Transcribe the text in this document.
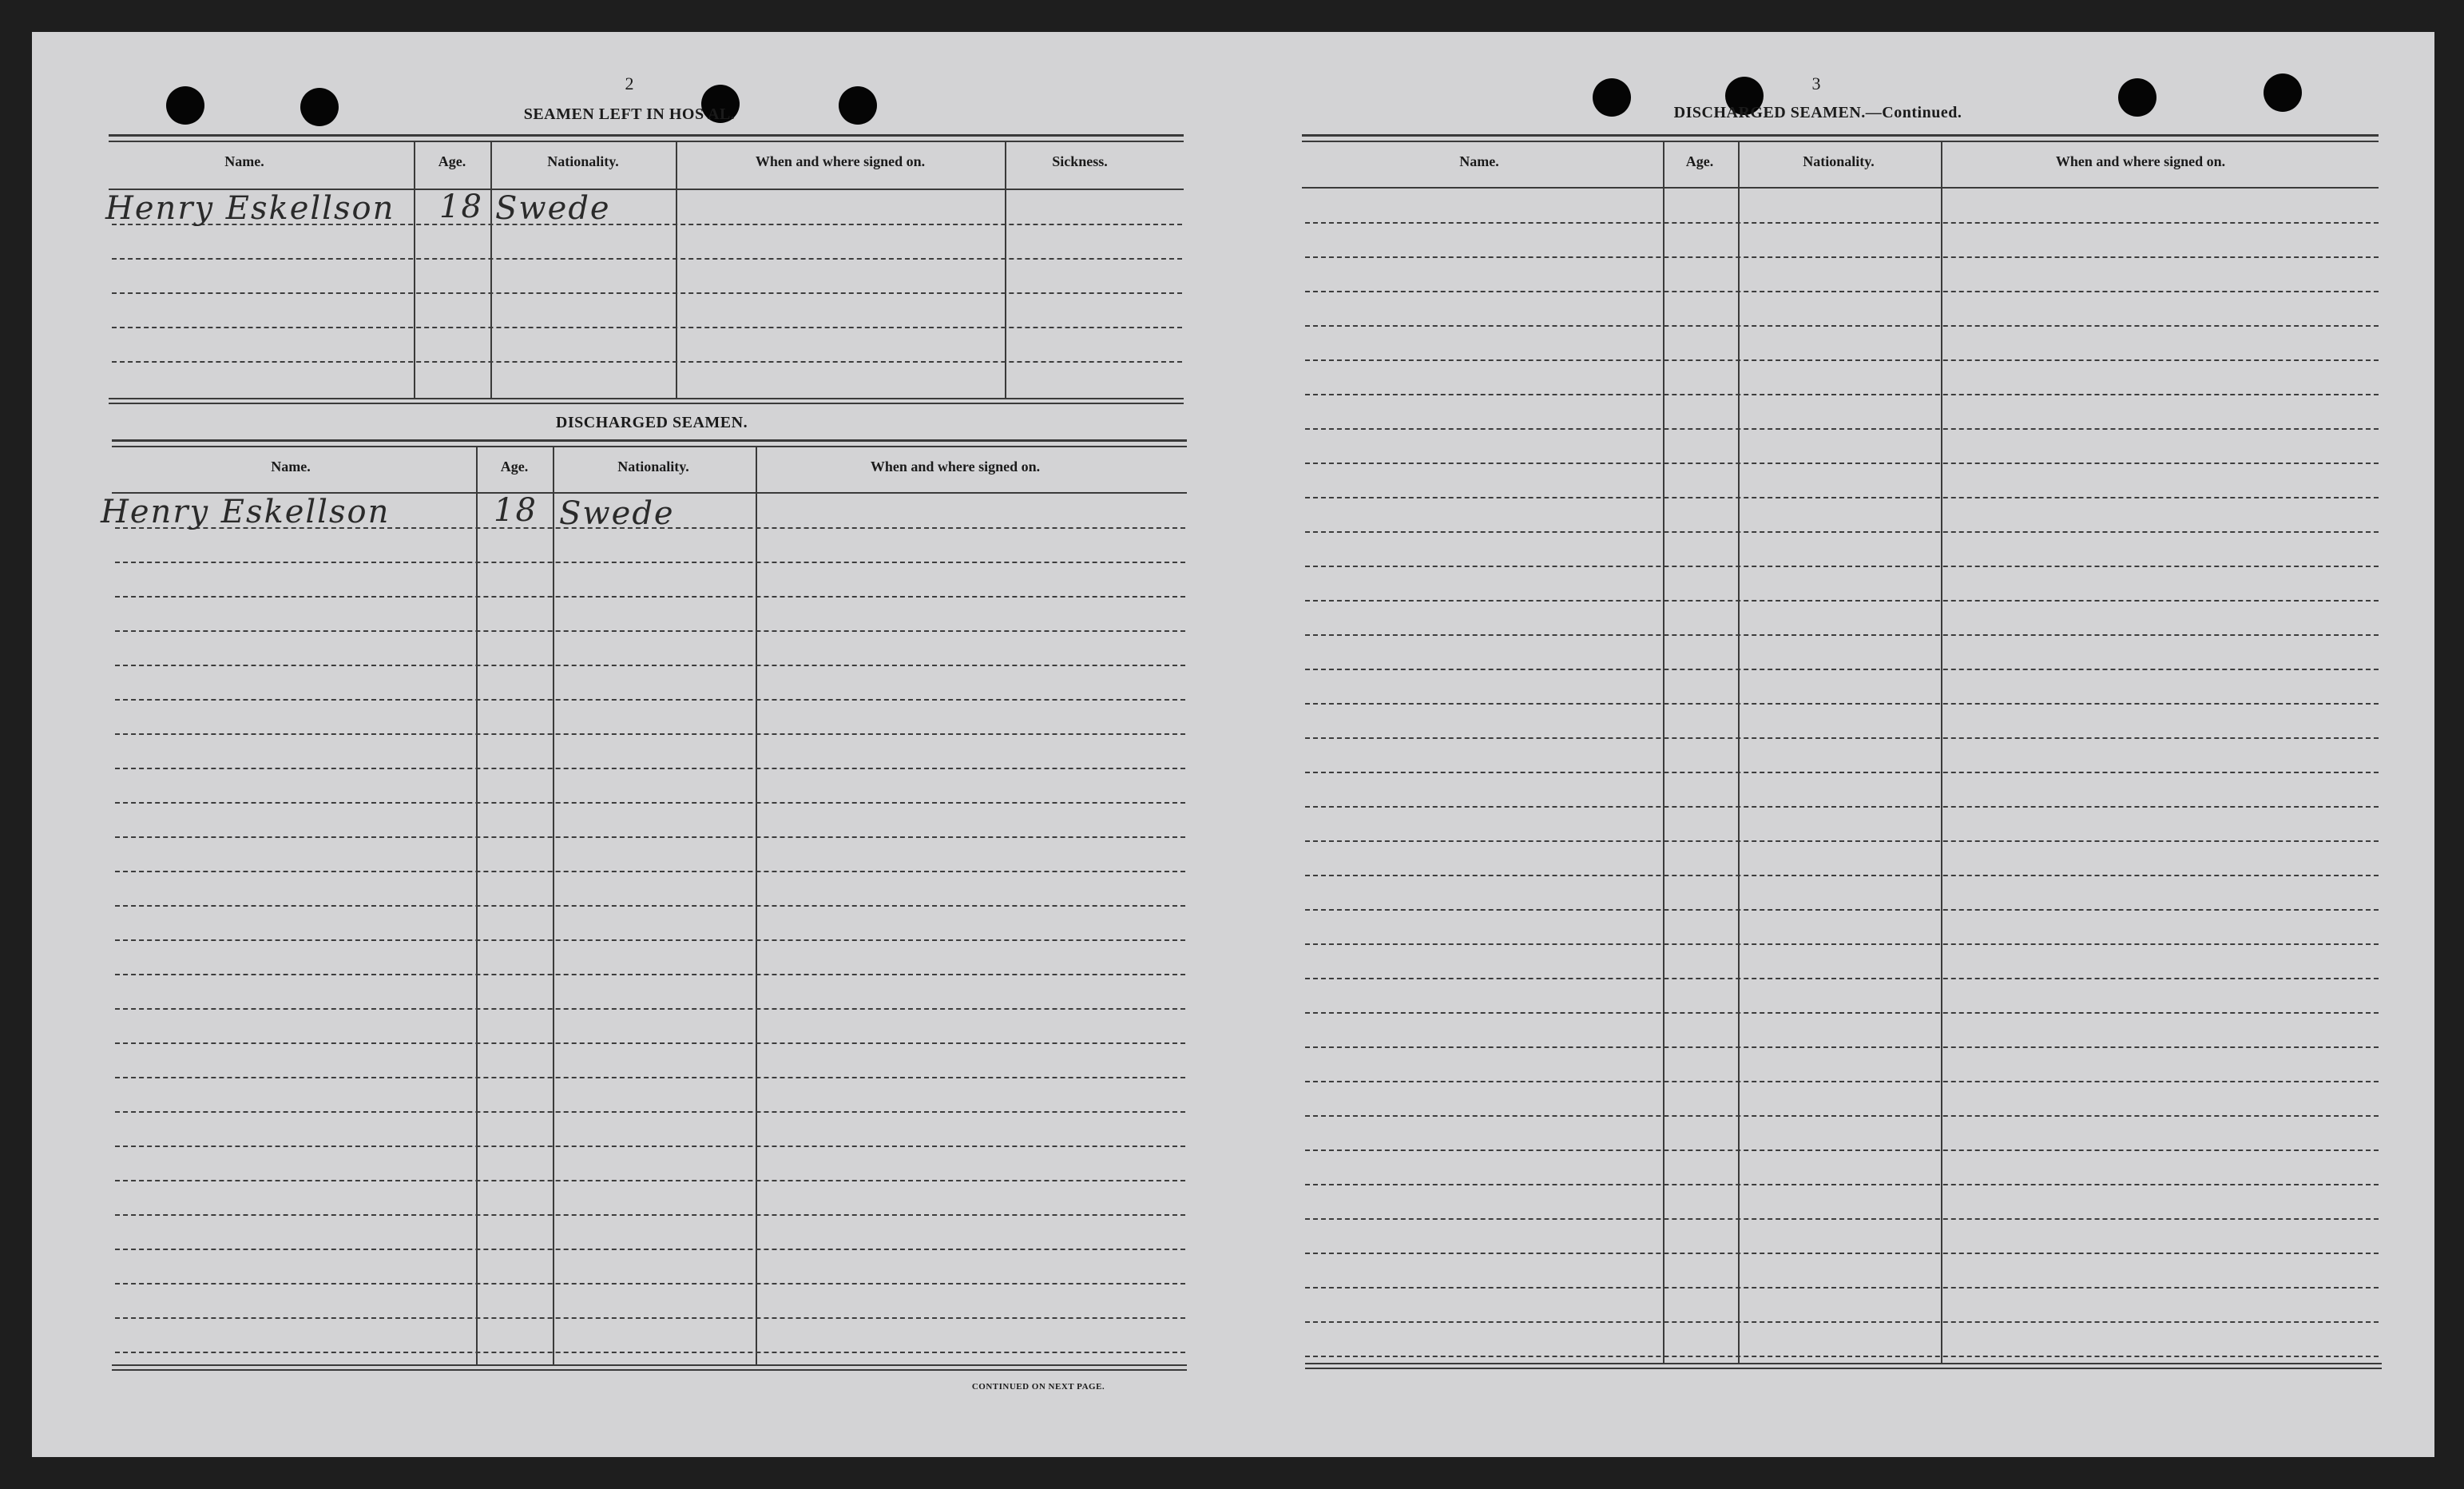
2
SEAMEN LEFT IN HOS AL.
Name.	Age.	Nationality.	When and where signed on.	Sickness.
Henry Eskellson 18 Swede
DISCHARGED SEAMEN.
Name.	Age.	Nationality.	When and where signed on.
Henry Eskellson	18 Swede
CONTINUED ON NEXT PAGE.
3
DISCHARGED SEAMEN.—Continued.
Name.	Age.	Nationality.	When and where signed on.
